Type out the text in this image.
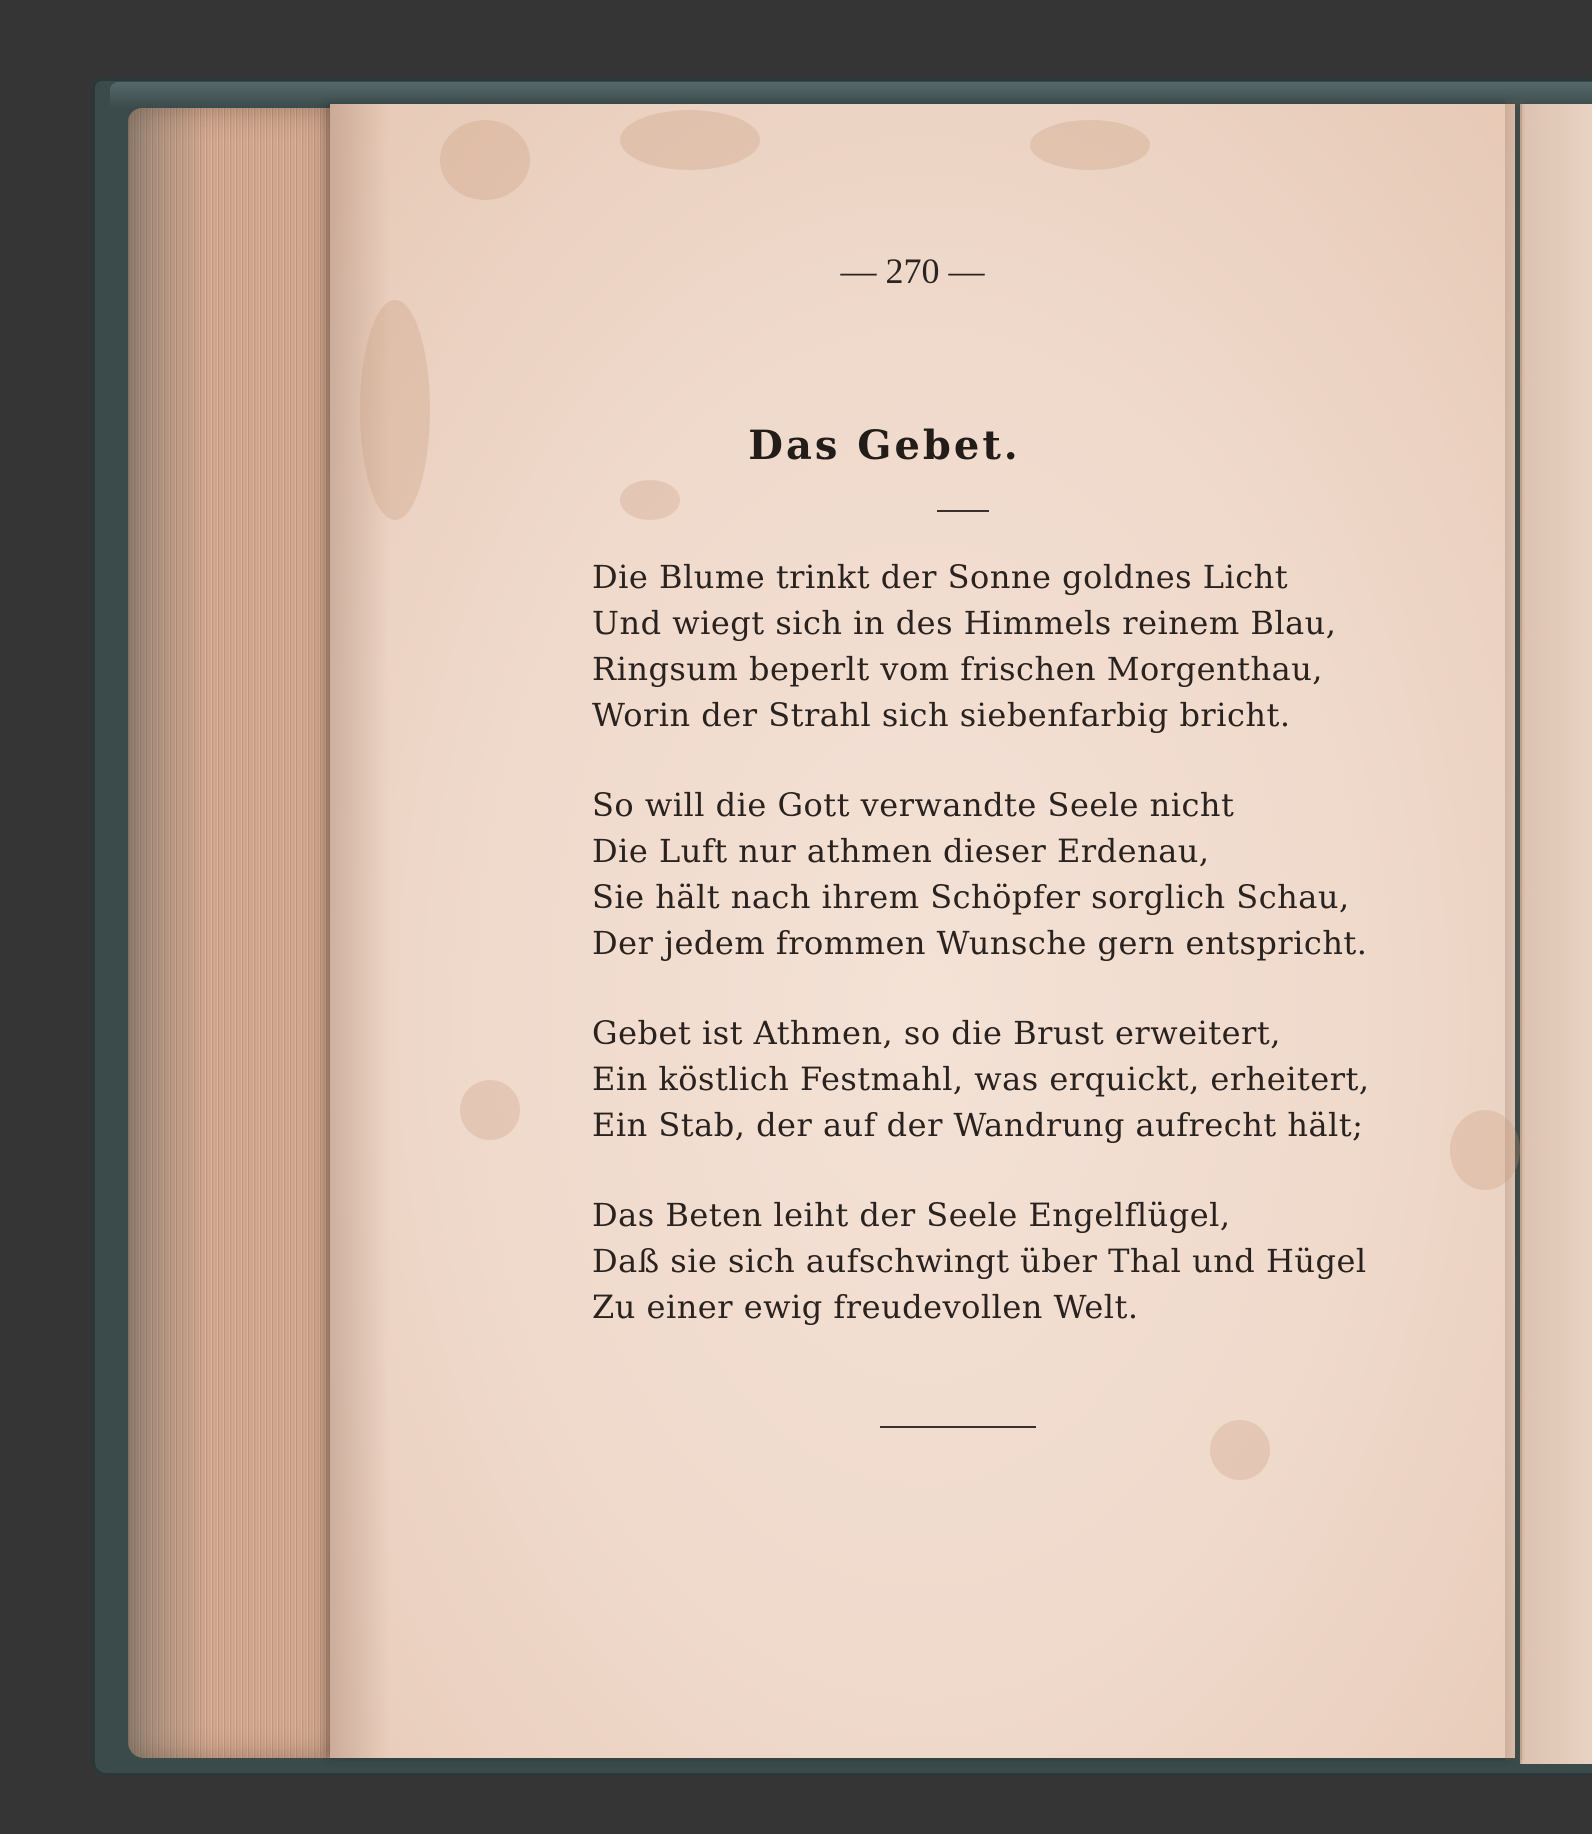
— 270 —
Das Gebet.
Die Blume trinkt der Sonne goldnes Licht
Und wiegt sich in des Himmels reinem Blau,
Ringsum beperlt vom frischen Morgenthau,
Worin der Strahl sich siebenfarbig bricht.
So will die Gott verwandte Seele nicht
Die Luft nur athmen dieser Erdenau,
Sie hält nach ihrem Schöpfer sorglich Schau,
Der jedem frommen Wunsche gern entspricht.
Gebet ist Athmen, so die Brust erweitert,
Ein köstlich Festmahl, was erquickt, erheitert,
Ein Stab, der auf der Wandrung aufrecht hält;
Das Beten leiht der Seele Engelflügel,
Daß sie sich aufschwingt über Thal und Hügel
Zu einer ewig freudevollen Welt.
